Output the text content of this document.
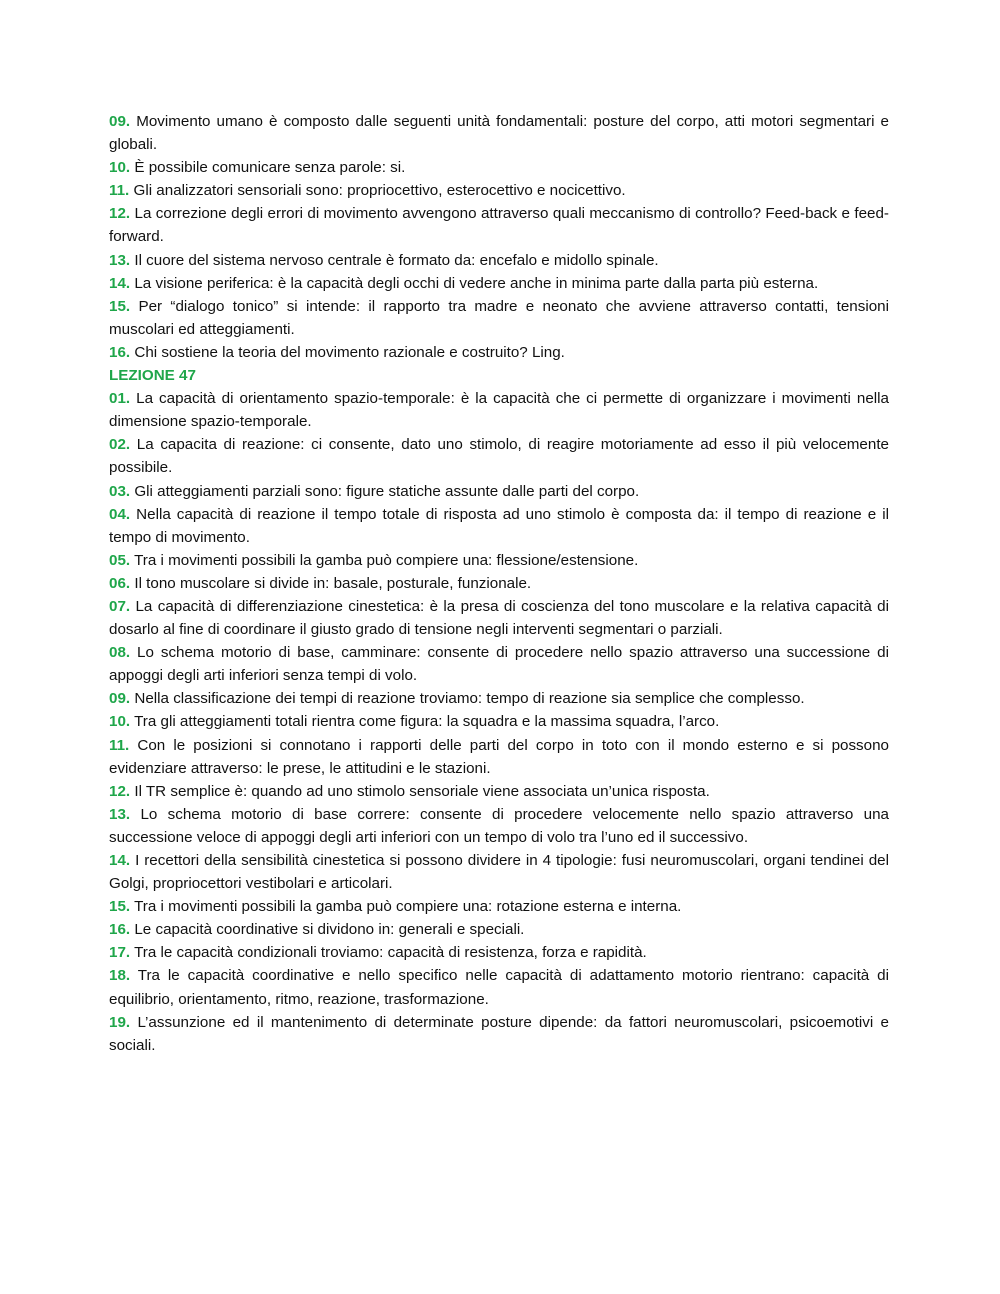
09. Movimento umano è composto dalle seguenti unità fondamentali: posture del corpo, atti motori segmentari e globali.

10. È possibile comunicare senza parole: si.

11. Gli analizzatori sensoriali sono: propriocettivo, esterocettivo e nocicettivo.

12. La correzione degli errori di movimento avvengono attraverso quali meccanismo di controllo? Feed-back e feed-forward.

13. Il cuore del sistema nervoso centrale è formato da: encefalo e midollo spinale.

14. La visione periferica: è la capacità degli occhi di vedere anche in minima parte dalla parta più esterna.

15. Per “dialogo tonico” si intende: il rapporto tra madre e neonato che avviene attraverso contatti, tensioni muscolari ed atteggiamenti.

16. Chi sostiene la teoria del movimento razionale e costruito? Ling.

LEZIONE 47

01. La capacità di orientamento spazio-temporale: è la capacità che ci permette di organizzare i movimenti nella dimensione spazio-temporale.

02. La capacita di reazione: ci consente, dato uno stimolo, di reagire motoriamente ad esso il più velocemente possibile.

03. Gli atteggiamenti parziali sono: figure statiche assunte dalle parti del corpo.

04. Nella capacità di reazione il tempo totale di risposta ad uno stimolo è composta da: il tempo di reazione e il tempo di movimento.

05. Tra i movimenti possibili la gamba può compiere una: flessione/estensione.

06. Il tono muscolare si divide in: basale, posturale, funzionale.

07. La capacità di differenziazione cinestetica: è la presa di coscienza del tono muscolare e la relativa capacità di dosarlo al fine di coordinare il giusto grado di tensione negli interventi segmentari o parziali.

08. Lo schema motorio di base, camminare: consente di procedere nello spazio attraverso una successione di appoggi degli arti inferiori senza tempi di volo.

09. Nella classificazione dei tempi di reazione troviamo: tempo di reazione sia semplice che complesso.

10. Tra gli atteggiamenti totali rientra come figura: la squadra e la massima squadra, l’arco.

11. Con le posizioni si connotano i rapporti delle parti del corpo in toto con il mondo esterno e si possono evidenziare attraverso: le prese, le attitudini e le stazioni.

12. Il TR semplice è: quando ad uno stimolo sensoriale viene associata un’unica risposta.

13. Lo schema motorio di base correre: consente di procedere velocemente nello spazio attraverso una successione veloce di appoggi degli arti inferiori con un tempo di volo tra l’uno ed il successivo.

14. I recettori della sensibilità cinestetica si possono dividere in 4 tipologie: fusi neuromuscolari, organi tendinei del Golgi, propriocettori vestibolari e articolari.

15. Tra i movimenti possibili la gamba può compiere una: rotazione esterna e interna.

16. Le capacità coordinative si dividono in: generali e speciali.

17. Tra le capacità condizionali troviamo: capacità di resistenza, forza e rapidità.

18. Tra le capacità coordinative e nello specifico nelle capacità di adattamento motorio rientrano: capacità di equilibrio, orientamento, ritmo, reazione, trasformazione.

19. L’assunzione ed il mantenimento di determinate posture dipende: da fattori neuromuscolari, psicoemotivi e sociali.
